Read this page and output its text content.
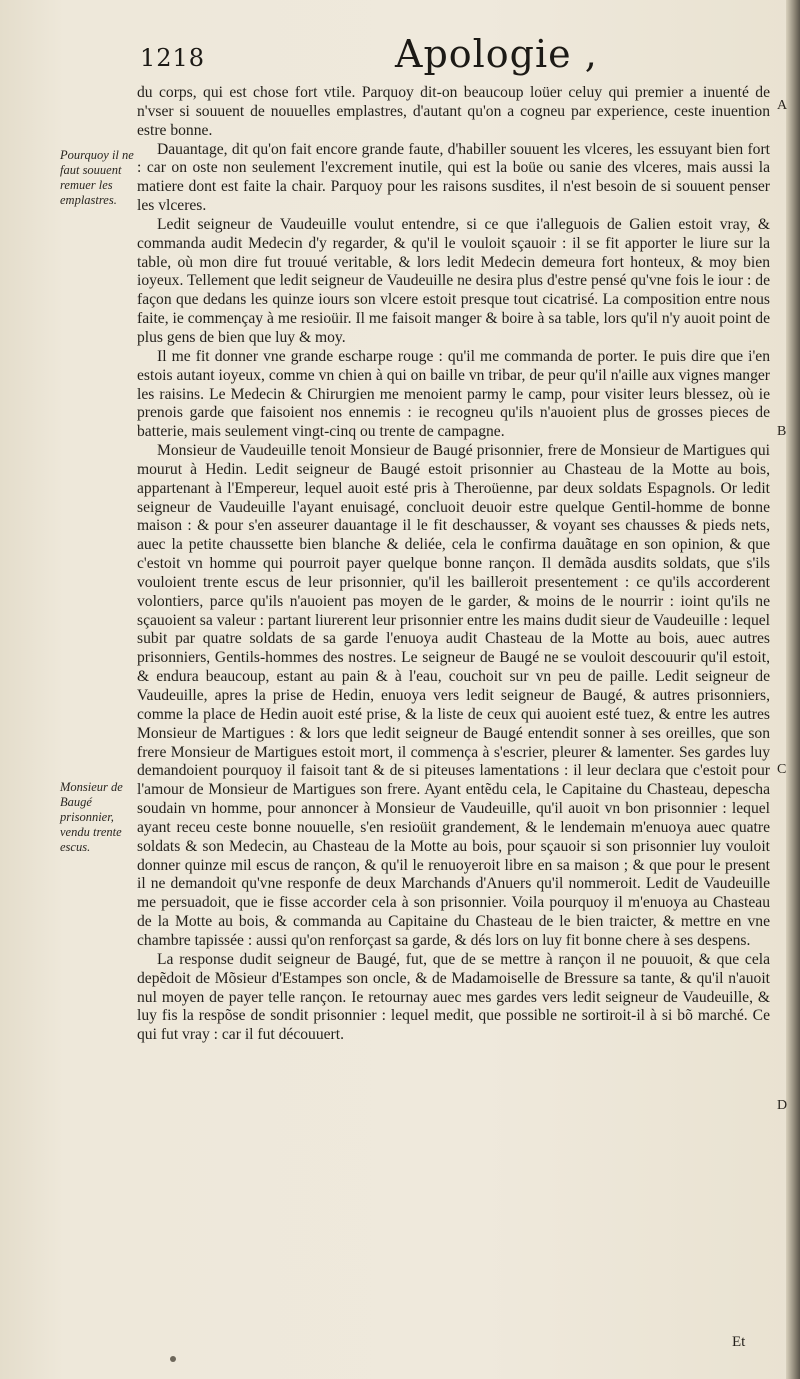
1218	Apologie ,
Pourquoy il ne faut souuent remuer les emplastres.
Monsieur de Baugé prisonnier, vendu trente escus.
A
B
C
D

du corps, qui est chose fort vtile. Parquoy dit-on beaucoup loüer celuy qui premier a inuenté de n'vser si souuent de nouuelles emplastres, d'autant qu'on a cogneu par experience, ceste inuention estre bonne.

Dauantage, dit qu'on fait encore grande faute, d'habiller souuent les vlceres, les essuyant bien fort : car on oste non seulement l'excrement inutile, qui est la boüe ou sanie des vlceres, mais aussi la matiere dont est faite la chair. Parquoy pour les raisons susdites, il n'est besoin de si souuent penser les vlceres.

Ledit seigneur de Vaudeuille voulut entendre, si ce que i'alleguois de Galien estoit vray, & commanda audit Medecin d'y regarder, & qu'il le vouloit sçauoir : il se fit apporter le liure sur la table, où mon dire fut trouué veritable, & lors ledit Medecin demeura fort honteux, & moy bien ioyeux. Tellement que ledit seigneur de Vaudeuille ne desira plus d'estre pensé qu'vne fois le iour : de façon que dedans les quinze iours son vlcere estoit presque tout cicatrisé. La composition entre nous faite, ie commençay à me resioüir. Il me faisoit manger & boire à sa table, lors qu'il n'y auoit point de plus gens de bien que luy & moy.

Il me fit donner vne grande escharpe rouge : qu'il me commanda de porter. Ie puis dire que i'en estois autant ioyeux, comme vn chien à qui on baille vn tribar, de peur qu'il n'aille aux vignes manger les raisins. Le Medecin & Chirurgien me menoient parmy le camp, pour visiter leurs blessez, où ie prenois garde que faisoient nos ennemis : ie recogneu qu'ils n'auoient plus de grosses pieces de batterie, mais seulement vingt-cinq ou trente de campagne.

Monsieur de Vaudeuille tenoit Monsieur de Baugé prisonnier, frere de Monsieur de Martigues qui mourut à Hedin. Ledit seigneur de Baugé estoit prisonnier au Chasteau de la Motte au bois, appartenant à l'Empereur, lequel auoit esté pris à Theroüenne, par deux soldats Espagnols. Or ledit seigneur de Vaudeuille l'ayant enuisagé, concluoit deuoir estre quelque Gentil-homme de bonne maison : & pour s'en asseurer dauantage il le fit deschausser, & voyant ses chausses & pieds nets, auec la petite chaussette bien blanche & deliée, cela le confirma dauãtage en son opinion, & que c'estoit vn homme qui pourroit payer quelque bonne rançon. Il demãda ausdits soldats, que s'ils vouloient trente escus de leur prisonnier, qu'il les bailleroit presentement : ce qu'ils accorderent volontiers, parce qu'ils n'auoient pas moyen de le garder, & moins de le nourrir : ioint qu'ils ne sçauoient sa valeur : partant liurerent leur prisonnier entre les mains dudit sieur de Vaudeuille : lequel subit par quatre soldats de sa garde l'enuoya audit Chasteau de la Motte au bois, auec autres prisonniers, Gentils-hommes des nostres. Le seigneur de Baugé ne se vouloit descouurir qu'il estoit, & endura beaucoup, estant au pain & à l'eau, couchoit sur vn peu de paille. Ledit seigneur de Vaudeuille, apres la prise de Hedin, enuoya vers ledit seigneur de Baugé, & autres prisonniers, comme la place de Hedin auoit esté prise, & la liste de ceux qui auoient esté tuez, & entre les autres Monsieur de Martigues : & lors que ledit seigneur de Baugé entendit sonner à ses oreilles, que son frere Monsieur de Martigues estoit mort, il commença à s'escrier, pleurer & lamenter. Ses gardes luy demandoient pourquoy il faisoit tant & de si piteuses lamentations : il leur declara que c'estoit pour l'amour de Monsieur de Martigues son frere. Ayant entẽdu cela, le Capitaine du Chasteau, depescha soudain vn homme, pour annoncer à Monsieur de Vaudeuille, qu'il auoit vn bon prisonnier : lequel ayant receu ceste bonne nouuelle, s'en resioüit grandement, & le lendemain m'enuoya auec quatre soldats & son Medecin, au Chasteau de la Motte au bois, pour sçauoir si son prisonnier luy vouloit donner quinze mil escus de rançon, & qu'il le renuoyeroit libre en sa maison ; & que pour le present il ne demandoit qu'vne responfe de deux Marchands d'Anuers qu'il nommeroit. Ledit de Vaudeuille me persuadoit, que ie fisse accorder cela à son prisonnier. Voila pourquoy il m'enuoya au Chasteau de la Motte au bois, & commanda au Capitaine du Chasteau de le bien traicter, & mettre en vne chambre tapissée : aussi qu'on renforçast sa garde, & dés lors on luy fit bonne chere à ses despens.

La response dudit seigneur de Baugé, fut, que de se mettre à rançon il ne pouuoit, & que cela depẽdoit de Mõsieur d'Estampes son oncle, & de Madamoiselle de Bressure sa tante, & qu'il n'auoit nul moyen de payer telle rançon. Ie retournay auec mes gardes vers ledit seigneur de Vaudeuille, & luy fis la respõse de sondit prisonnier : lequel medit, que possible ne sortiroit-il à si bõ marché. Ce qui fut vray : car il fut découuert.

Et
